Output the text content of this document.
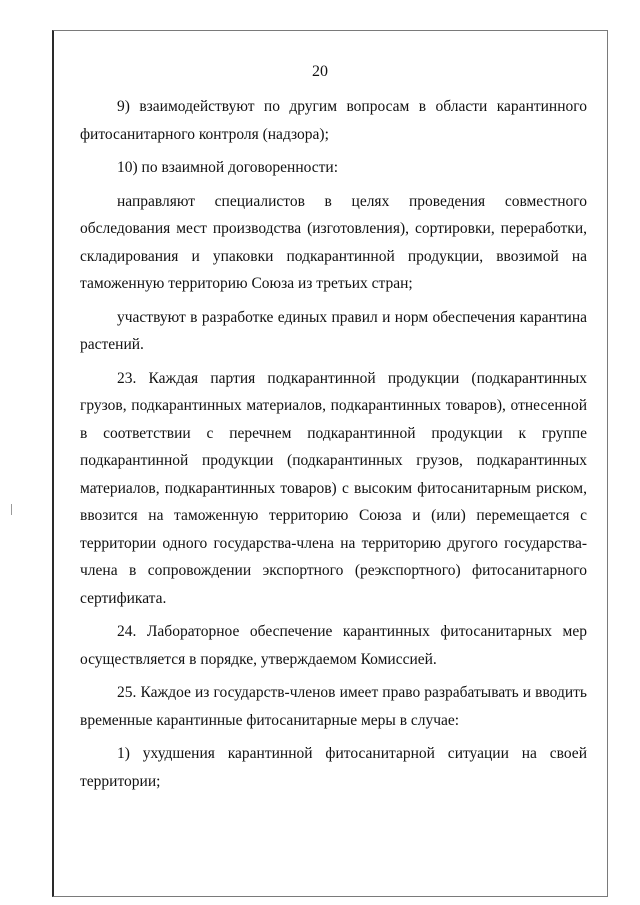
20

9) взаимодействуют по другим вопросам в области карантинного фитосанитарного контроля (надзора);

10) по взаимной договоренности:

направляют специалистов в целях проведения совместного обследования мест производства (изготовления), сортировки, переработки, складирования и упаковки подкарантинной продукции, ввозимой на таможенную территорию Союза из третьих стран;

участвуют в разработке единых правил и норм обеспечения карантина растений.

23. Каждая партия подкарантинной продукции (подкарантинных грузов, подкарантинных материалов, подкарантинных товаров), отнесенной в соответствии с перечнем подкарантинной продукции к группе подкарантинной продукции (подкарантинных грузов, подкарантинных материалов, подкарантинных товаров) с высоким фитосанитарным риском, ввозится на таможенную территорию Союза и (или) перемещается с территории одного государства-члена на территорию другого государства-члена в сопровождении экспортного (реэкспортного) фитосанитарного сертификата.

24. Лабораторное обеспечение карантинных фитосанитарных мер осуществляется в порядке, утверждаемом Комиссией.

25. Каждое из государств-членов имеет право разрабатывать и вводить временные карантинные фитосанитарные меры в случае:

1) ухудшения карантинной фитосанитарной ситуации на своей территории;
